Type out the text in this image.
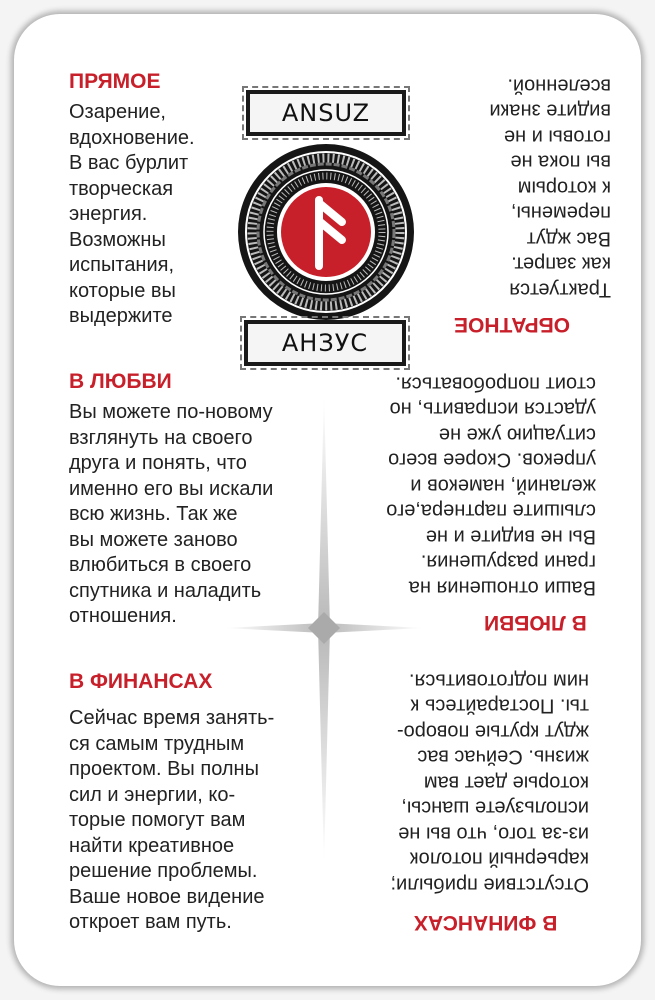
ANSUZ
ΑΗЗУС
ПРЯМОЕ

Озарение,
вдохновение.
В вас бурлит
творческая
энергия.
Возможны
испытания,
которые вы
выдержите

В ЛЮБВИ

Вы можете по-новому
взглянуть на своего
друга и понять, что
именно его вы искали
всю жизнь. Так же
вы можете заново
влюбиться в своего
спутника и наладить
отношения.

В ФИНАНСАХ

Сейчас время занять-
ся самым трудным
проектом. Вы полны
сил и энергии, ко-
торые помогут вам
найти креативное
решение проблемы.
Ваше новое видение
откроет вам путь.

ОБРАТНОЕ

Трактуется
как запрет.
Вас ждут
перемены,
к которым
вы пока не
готовы и не
видите знаки
вселенной.

В ЛЮБВИ

Ваши отношения на
грани разрушения.
Вы не видите и не
слышите партнера,его
желаний, намеков и
упреков. Скорее всего
ситуацию уже не
удастся исправить, но
стоит попробоваться.

В ФИНАНСАХ

Отсутствие прибыли;
карьерный потолок
из-за того, что вы не
используете шансы,
которые дает вам
жизнь. Сейчас вас
ждут крутые поворо-
ты. Постарайтесь к
ним подготовиться.
